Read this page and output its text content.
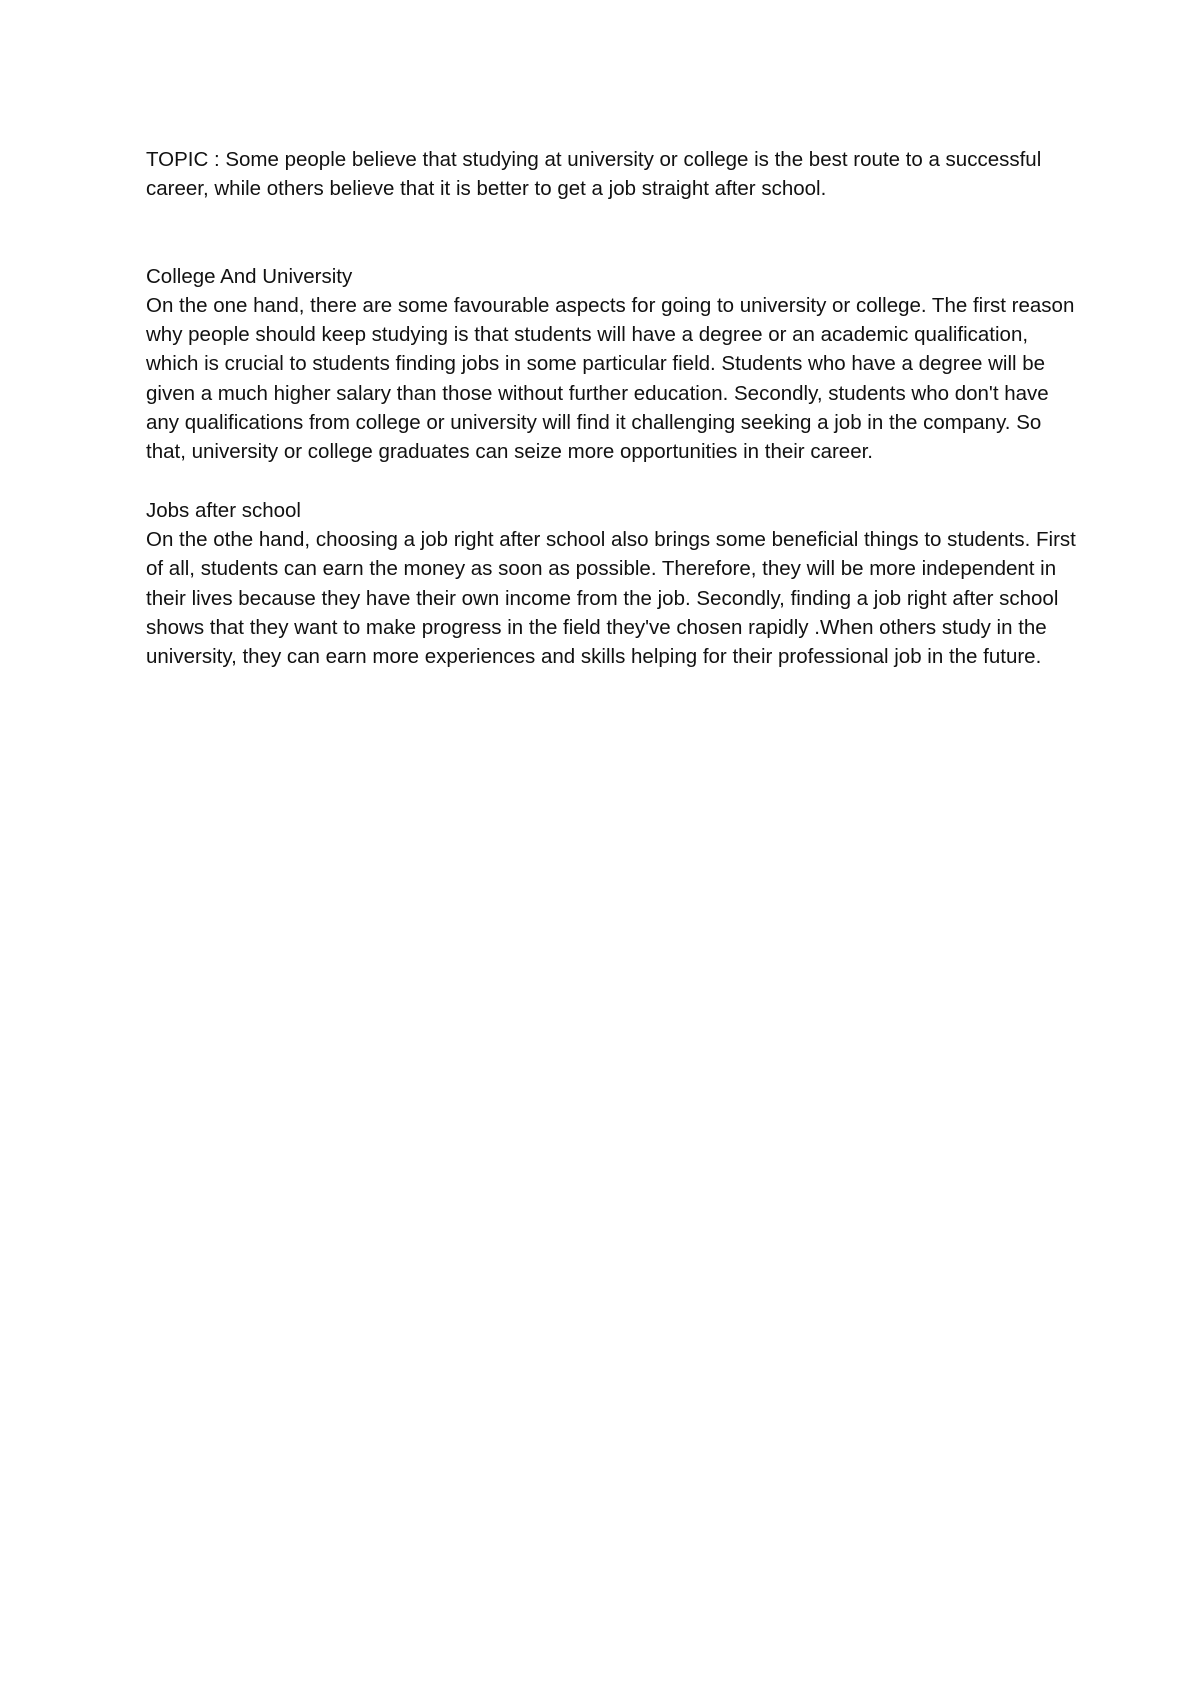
TOPIC : Some people believe that studying at university or college is the best route to a successful career, while others believe that it is better to get a job straight after school.

College And University

On the one hand, there are some favourable aspects for going to university or college. The first reason why people should keep studying is that students will have a degree or an academic qualification, which is crucial to students finding jobs in some particular field. Students who have a degree will be given a much higher salary than those without further education. Secondly, students who don't have any qualifications from college or university will find it challenging seeking a job in the company. So that, university or college graduates can seize more opportunities in their career.

Jobs after school

On the othe hand, choosing a job right after school also brings some beneficial things to students. First of all, students can earn the money as soon as possible. Therefore, they will be more independent in their lives because they have their own income from the job. Secondly, finding a job right after school shows that they want to make progress in the field they've chosen rapidly .When others study in the university, they can earn more experiences and skills helping for their professional job in the future.
